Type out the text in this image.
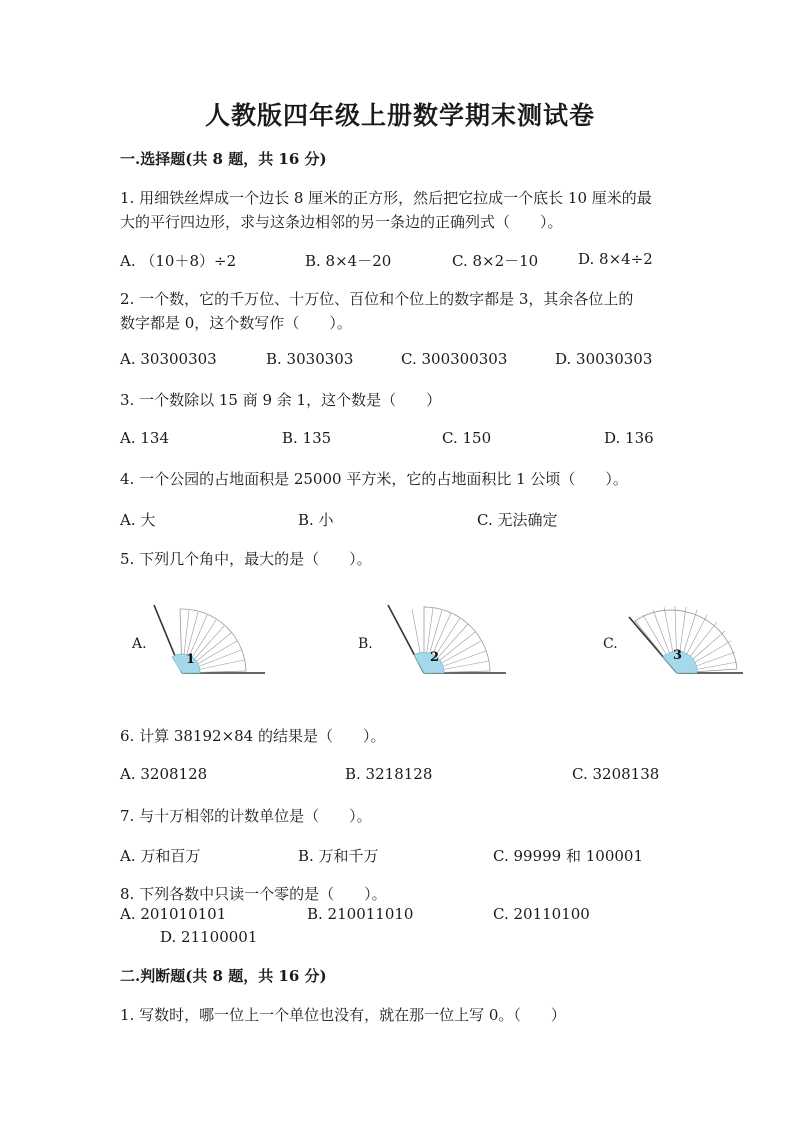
人教版四年级上册数学期末测试卷
一.选择题(共 8 题，共 16 分)
1. 用细铁丝焊成一个边长 8 厘米的正方形，然后把它拉成一个底长 10 厘米的最
大的平行四边形，求与这条边相邻的另一条边的正确列式（　　）。
A. （10＋8）÷2	B. 8×4－20	C. 8×2－10	D. 8×4÷2
2. 一个数，它的千万位、十万位、百位和个位上的数字都是 3，其余各位上的
数字都是 0，这个数写作（　　）。
A. 30300303	B. 3030303	C. 300300303	D. 30030303
3. 一个数除以 15 商 9 余 1，这个数是（　　）
A. 134	B. 135	C. 150	D. 136
4. 一个公园的占地面积是 25000 平方米，它的占地面积比 1 公顷（　　）。
A. 大	B. 小	C. 无法确定
5. 下列几个角中，最大的是（　　）。
A.
1
B.
2
C.
3
6. 计算 38192×84 的结果是（　　）。
A. 3208128	B. 3218128	C. 3208138
7. 与十万相邻的计数单位是（　　）。
A. 万和百万	B. 万和千万	C. 99999 和 100001
8. 下列各数中只读一个零的是（　　）。
A. 201010101	B. 210011010	C. 20110100
D. 21100001
二.判断题(共 8 题，共 16 分)
1. 写数时，哪一位上一个单位也没有，就在那一位上写 0。（　　）
